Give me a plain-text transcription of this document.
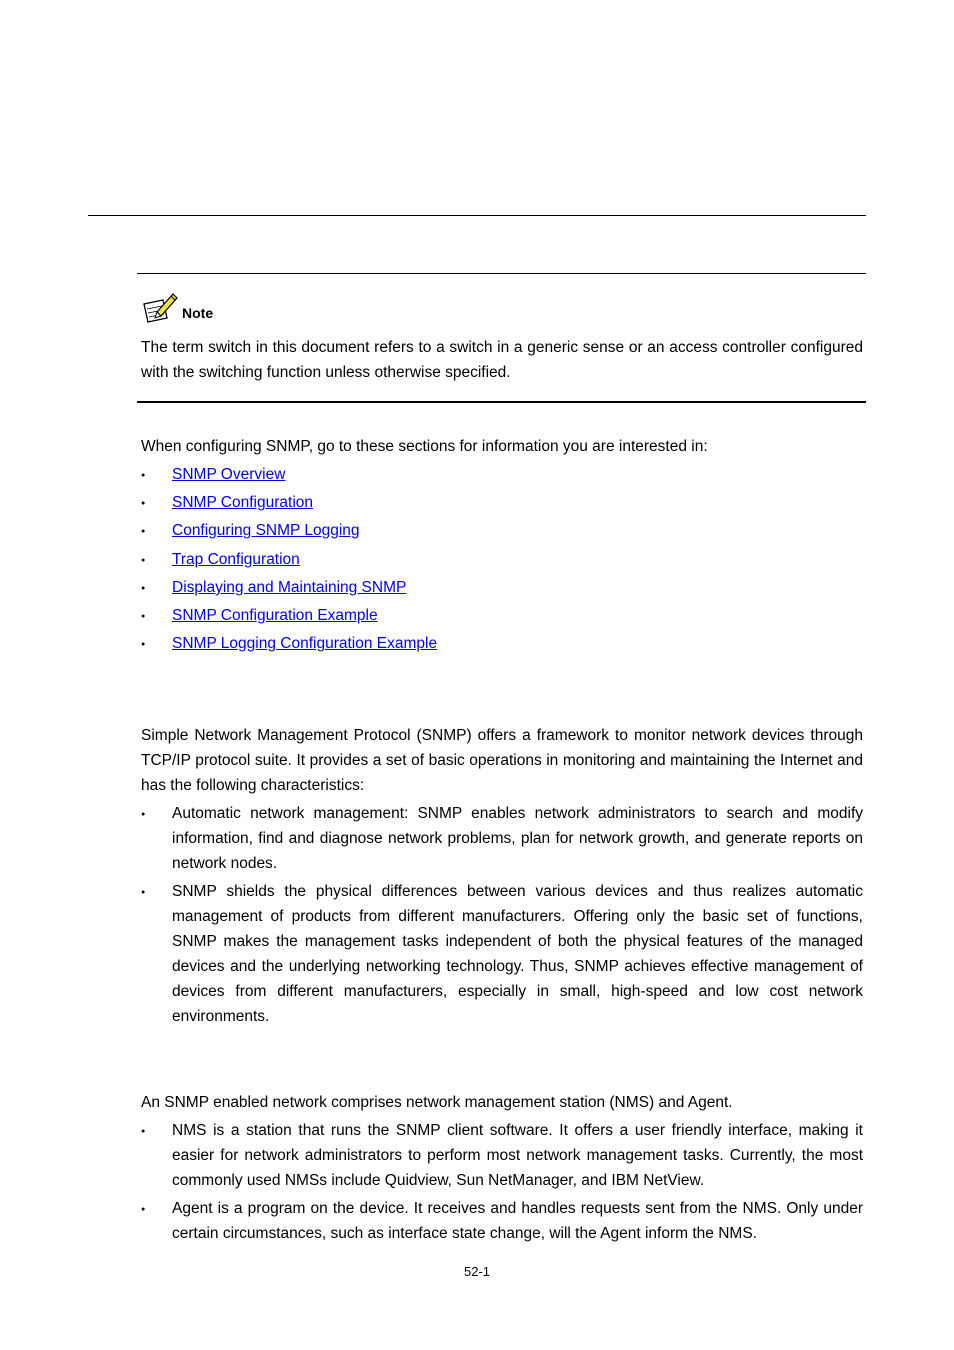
Note

The term switch in this document refers to a switch in a generic sense or an access controller configured with the switching function unless otherwise specified.

When configuring SNMP, go to these sections for information you are interested in:

● SNMP Overview
● SNMP Configuration
● Configuring SNMP Logging
● Trap Configuration
● Displaying and Maintaining SNMP
● SNMP Configuration Example
● SNMP Logging Configuration Example

Simple Network Management Protocol (SNMP) offers a framework to monitor network devices through TCP/IP protocol suite. It provides a set of basic operations in monitoring and maintaining the Internet and has the following characteristics:

● Automatic network management: SNMP enables network administrators to search and modify information, find and diagnose network problems, plan for network growth, and generate reports on network nodes.
● SNMP shields the physical differences between various devices and thus realizes automatic management of products from different manufacturers. Offering only the basic set of functions, SNMP makes the management tasks independent of both the physical features of the managed devices and the underlying networking technology. Thus, SNMP achieves effective management of devices from different manufacturers, especially in small, high-speed and low cost network environments.

An SNMP enabled network comprises network management station (NMS) and Agent.

● NMS is a station that runs the SNMP client software. It offers a user friendly interface, making it easier for network administrators to perform most network management tasks. Currently, the most commonly used NMSs include Quidview, Sun NetManager, and IBM NetView.
● Agent is a program on the device. It receives and handles requests sent from the NMS. Only under certain circumstances, such as interface state change, will the Agent inform the NMS.
52-1
